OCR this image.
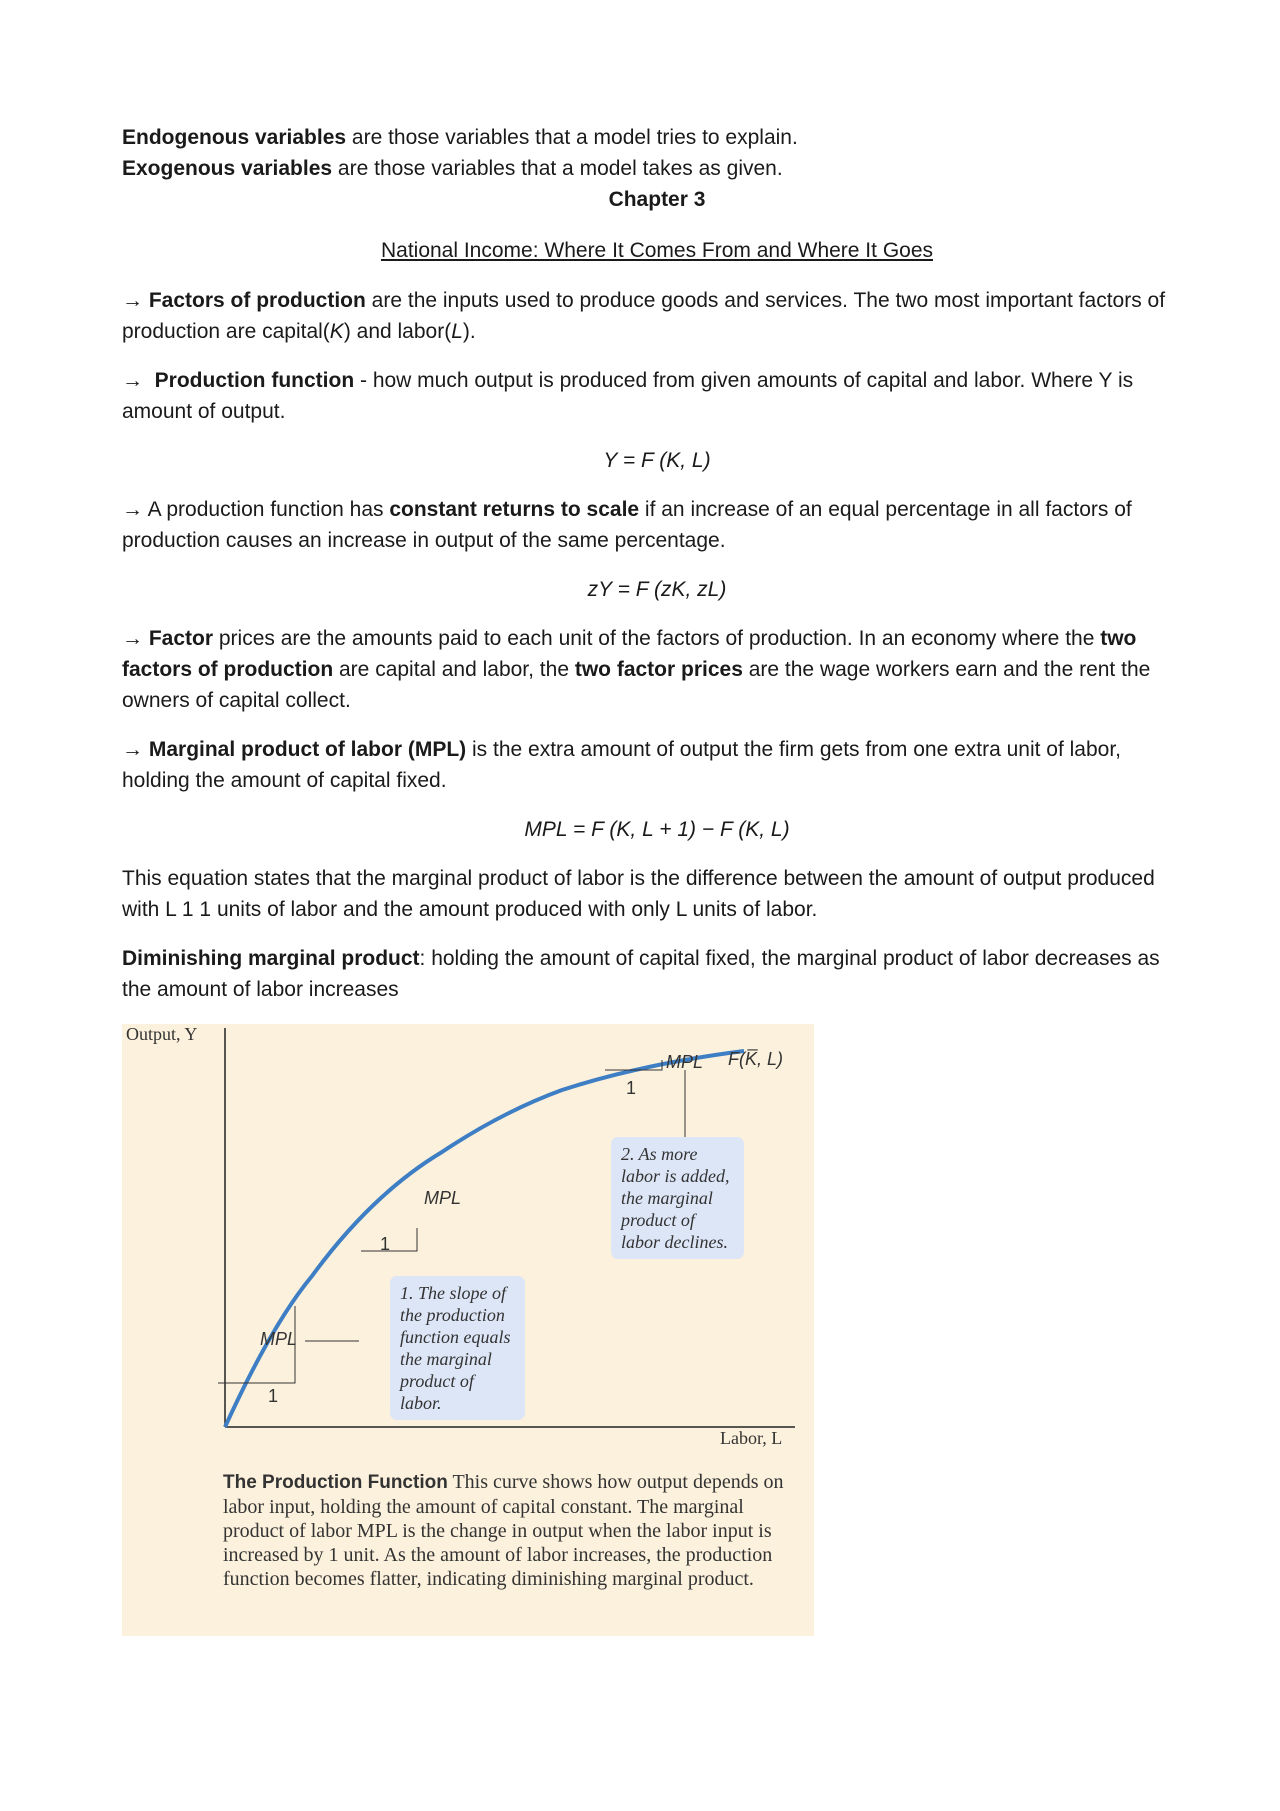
Endogenous variables are those variables that a model tries to explain.

Exogenous variables are those variables that a model takes as given.

Chapter 3

National Income: Where It Comes From and Where It Goes

→ Factors of production are the inputs used to produce goods and services. The two most important factors of production are capital(K) and labor(L).

→ Production function - how much output is produced from given amounts of capital and labor. Where Y is amount of output.

Y = F (K, L)

→ A production function has constant returns to scale if an increase of an equal percentage in all factors of production causes an increase in output of the same percentage.

zY = F (zK, zL)

→ Factor prices are the amounts paid to each unit of the factors of production. In an economy where the two factors of production are capital and labor, the two factor prices are the wage workers earn and the rent the owners of capital collect.

→ Marginal product of labor (MPL) is the extra amount of output the firm gets from one extra unit of labor, holding the amount of capital fixed.

MPL = F (K, L + 1) − F (K, L)

This equation states that the marginal product of labor is the difference between the amount of output produced with L 1 1 units of labor and the amount produced with only L units of labor.

Diminishing marginal product: holding the amount of capital fixed, the marginal product of labor decreases as the amount of labor increases

Output, Y
Labor, L
F(K̅, L)
MPL
1
MPL
1
MPL
1
1. The slope of the production function equals the marginal product of labor.
2. As more labor is added, the marginal product of labor declines.
The Production Function This curve shows how output depends on labor input, holding the amount of capital constant. The marginal product of labor MPL is the change in output when the labor input is increased by 1 unit. As the amount of labor increases, the production function becomes flatter, indicating diminishing marginal product.
